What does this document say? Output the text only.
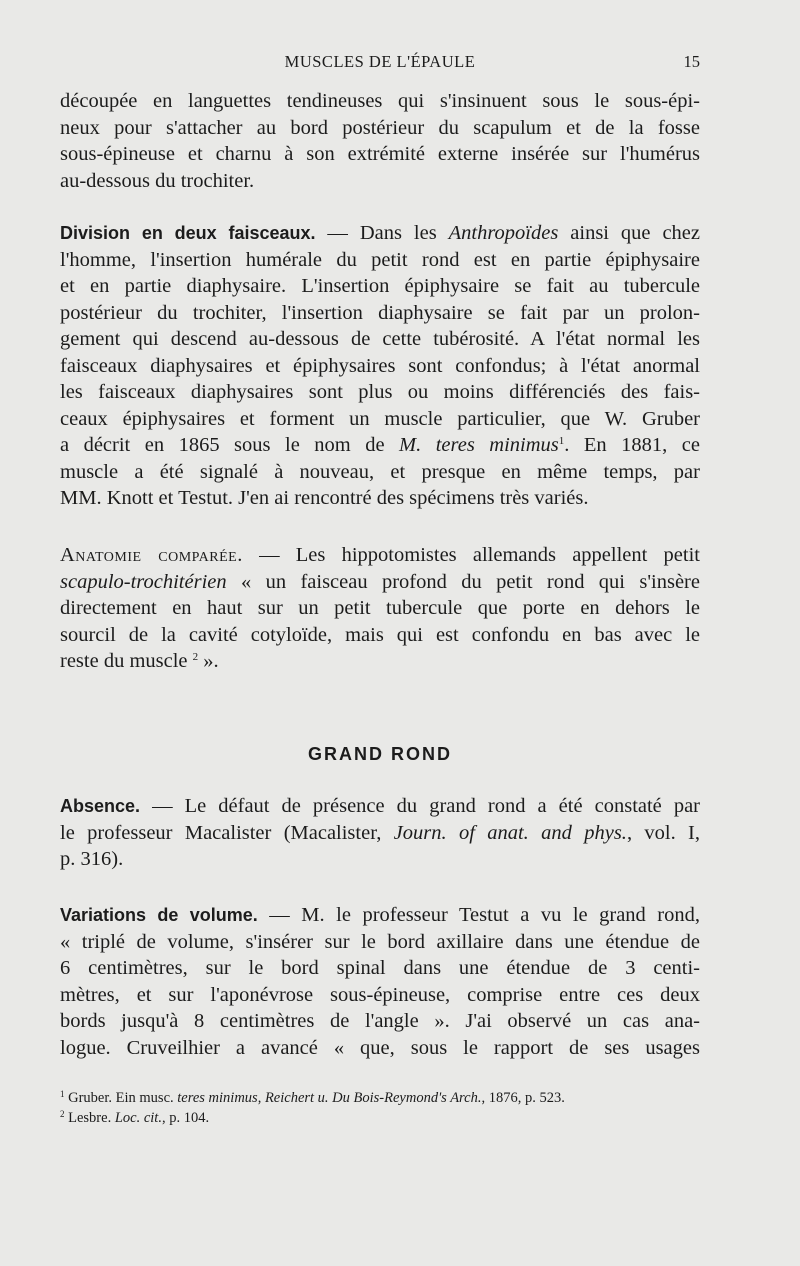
MUSCLES DE L'ÉPAULE	15
découpée en languettes tendineuses qui s'insinuent sous le sous-épi-
neux pour s'attacher au bord postérieur du scapulum et de la fosse
sous-épineuse et charnu à son extrémité externe insérée sur l'humérus
au-dessous du trochiter.
Division en deux faisceaux. — Dans les Anthropoïdes ainsi que chez
l'homme, l'insertion humérale du petit rond est en partie épiphysaire
et en partie diaphysaire. L'insertion épiphysaire se fait au tubercule
postérieur du trochiter, l'insertion diaphysaire se fait par un prolon-
gement qui descend au-dessous de cette tubérosité. A l'état normal les
faisceaux diaphysaires et épiphysaires sont confondus; à l'état anormal
les faisceaux diaphysaires sont plus ou moins différenciés des fais-
ceaux épiphysaires et forment un muscle particulier, que W. Gruber
a décrit en 1865 sous le nom de M. teres minimus$^1$. En 1881, ce
muscle a été signalé à nouveau, et presque en même temps, par
MM. Knott et Testut. J'en ai rencontré des spécimens très variés.
Anatomie comparée. — Les hippotomistes allemands appellent petit
scapulo-trochitérien « un faisceau profond du petit rond qui s'insère
directement en haut sur un petit tubercule que porte en dehors le
sourcil de la cavité cotyloïde, mais qui est confondu en bas avec le
reste du muscle $^2$ ».
GRAND ROND
Absence. — Le défaut de présence du grand rond a été constaté par
le professeur Macalister (Macalister, Journ. of anat. and phys., vol. I,
p. 316).
Variations de volume. — M. le professeur Testut a vu le grand rond,
« triplé de volume, s'insérer sur le bord axillaire dans une étendue de
6 centimètres, sur le bord spinal dans une étendue de 3 centi-
mètres, et sur l'aponévrose sous-épineuse, comprise entre ces deux
bords jusqu'à 8 centimètres de l'angle ». J'ai observé un cas ana-
logue. Cruveilhier a avancé « que, sous le rapport de ses usages
$^1$ Gruber. Ein musc. teres minimus, Reichert u. Du Bois-Reymond's Arch., 1876, p. 523.
$^2$ Lesbre. Loc. cit., p. 104.
